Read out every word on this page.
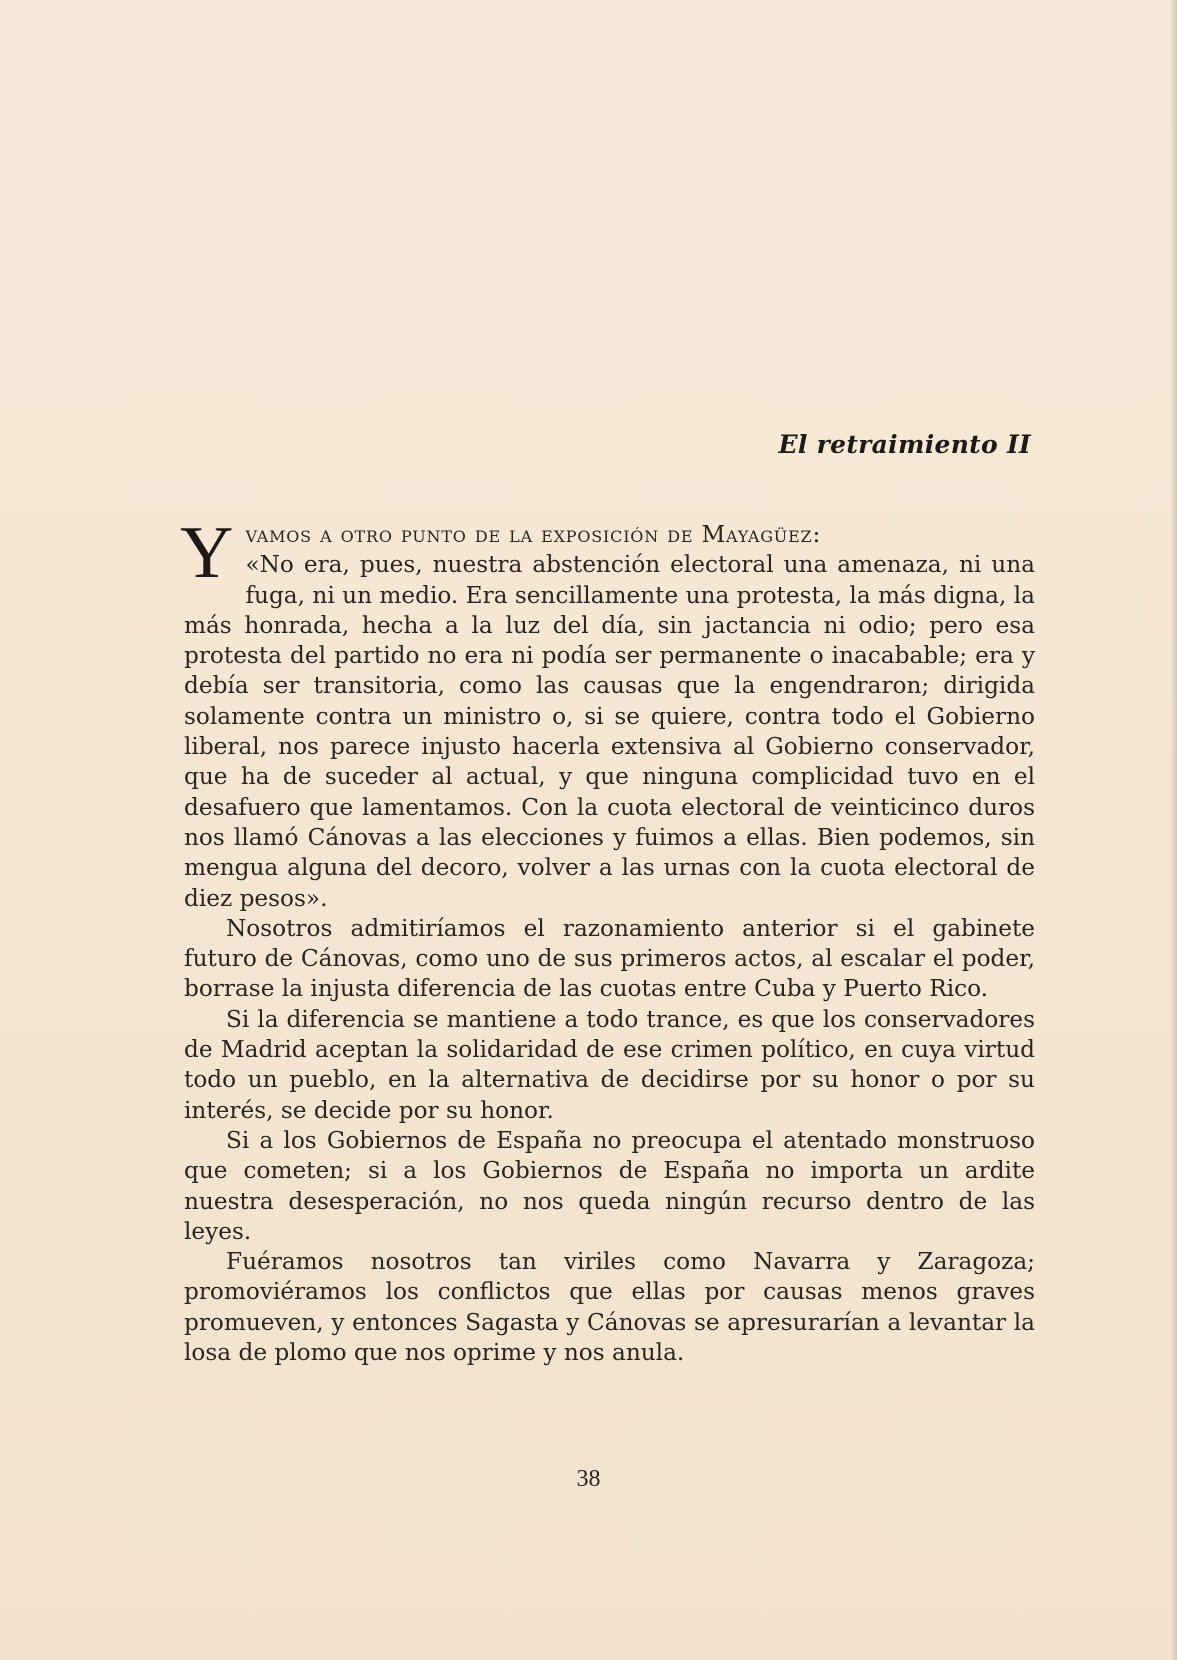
El retraimiento II

Y vamos a otro punto de la exposición de Mayagüez:
«No era, pues, nuestra abstención electoral una amenaza, ni una fuga, ni un medio. Era sencillamente una protesta, la más digna, la más honrada, hecha a la luz del día, sin jactancia ni odio; pero esa protesta del partido no era ni podía ser permanente o inacabable; era y debía ser transitoria, como las causas que la engendraron; dirigida solamente contra un ministro o, si se quiere, contra todo el Gobierno liberal, nos parece injusto hacerla extensiva al Gobierno conservador, que ha de suceder al actual, y que ninguna complicidad tuvo en el desafuero que lamentamos. Con la cuota electoral de veinticinco duros nos llamó Cánovas a las elecciones y fuimos a ellas. Bien podemos, sin mengua alguna del decoro, volver a las urnas con la cuota electoral de diez pesos».

Nosotros admitiríamos el razonamiento anterior si el gabinete futuro de Cánovas, como uno de sus primeros actos, al escalar el poder, borrase la injusta diferencia de las cuotas entre Cuba y Puerto Rico.

Si la diferencia se mantiene a todo trance, es que los conservadores de Madrid aceptan la solidaridad de ese crimen político, en cuya virtud todo un pueblo, en la alternativa de decidirse por su honor o por su interés, se decide por su honor.

Si a los Gobiernos de España no preocupa el atentado monstruoso que cometen; si a los Gobiernos de España no importa un ardite nuestra desesperación, no nos queda ningún recurso dentro de las leyes.

Fuéramos nosotros tan viriles como Navarra y Zaragoza; promoviéramos los conflictos que ellas por causas menos graves promueven, y entonces Sagasta y Cánovas se apresurarían a levantar la losa de plomo que nos oprime y nos anula.

38
